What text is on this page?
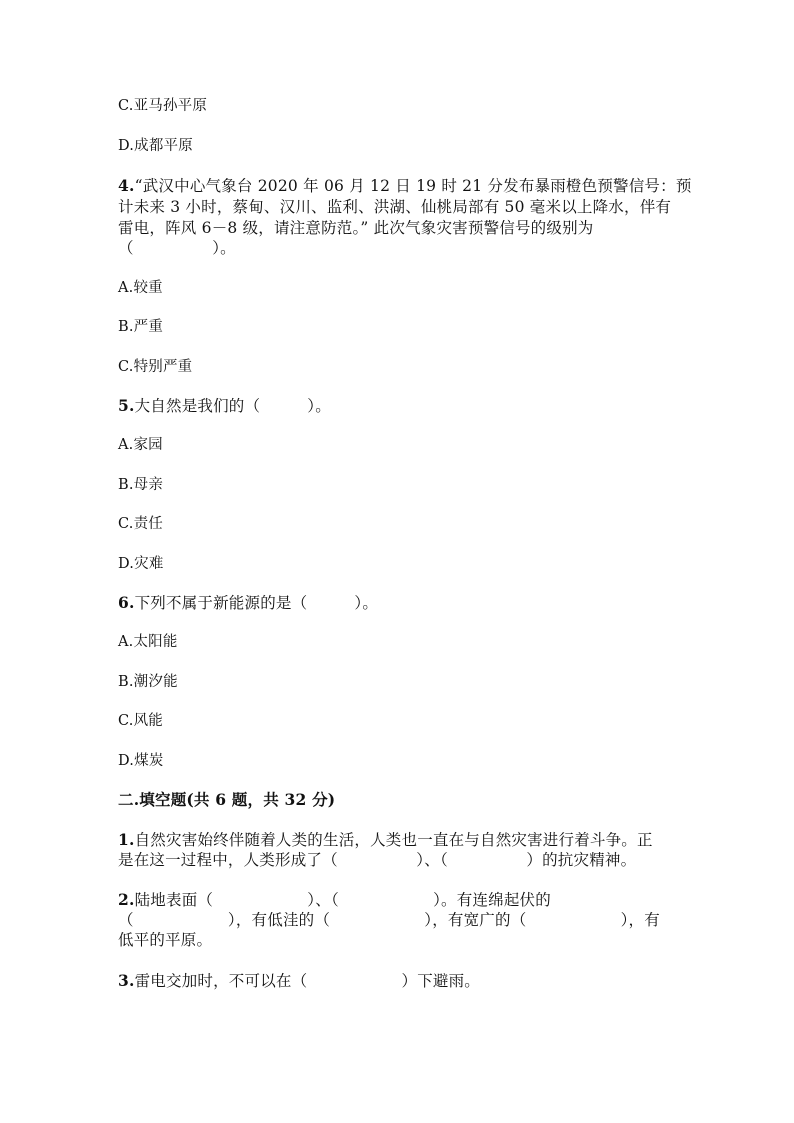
C.亚马孙平原
D.成都平原
4.“武汉中心气象台 2020 年 06 月 12 日 19 时 21 分发布暴雨橙色预警信号：预
计未来 3 小时，蔡甸、汉川、监利、洪湖、仙桃局部有 50 毫米以上降水，伴有
雷电，阵风 6－8 级，请注意防范。” 此次气象灾害预警信号的级别为
（　　　　　）。
A.较重
B.严重
C.特别严重
5.大自然是我们的（　　　）。
A.家园
B.母亲
C.责任
D.灾难
6.下列不属于新能源的是（　　　）。
A.太阳能
B.潮汐能
C.风能
D.煤炭
二.填空题(共 6 题，共 32 分)
1.自然灾害始终伴随着人类的生活，人类也一直在与自然灾害进行着斗争。正
是在这一过程中，人类形成了（　　　　　）、（　　　　　）的抗灾精神。
2.陆地表面（　　　　　　）、（　　　　　　）。有连绵起伏的
（　　　　　　），有低洼的（　　　　　　），有宽广的（　　　　　　），有
低平的平原。
3.雷电交加时，不可以在（　　　　　　）下避雨。
